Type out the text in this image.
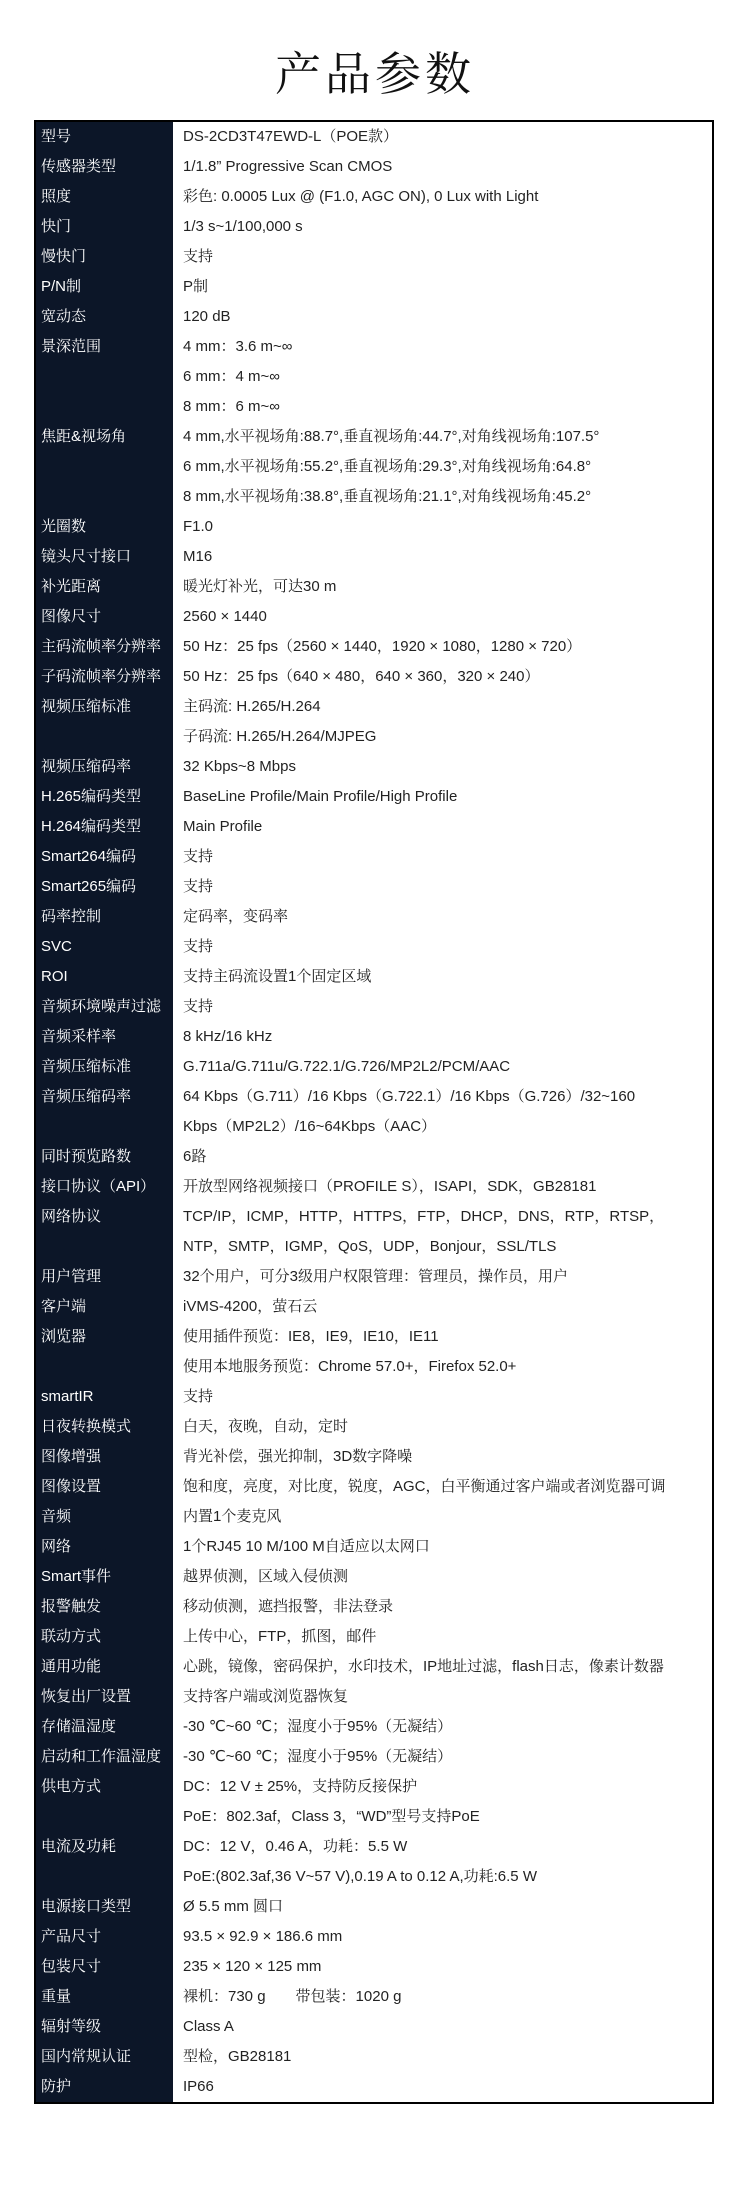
产品参数
型号	DS-2CD3T47EWD-L（POE款）
传感器类型	1/1.8” Progressive Scan CMOS
照度	彩色: 0.0005 Lux @ (F1.0, AGC ON), 0 Lux with Light
快门	1/3 s~1/100,000 s
慢快门	支持
P/N制	P制
宽动态	120 dB
景深范围	4 mm：3.6 m~∞
6 mm：4 m~∞
8 mm：6 m~∞
焦距&视场角	4 mm,水平视场角:88.7°,垂直视场角:44.7°,对角线视场角:107.5°
6 mm,水平视场角:55.2°,垂直视场角:29.3°,对角线视场角:64.8°
8 mm,水平视场角:38.8°,垂直视场角:21.1°,对角线视场角:45.2°
光圈数	F1.0
镜头尺寸接口	M16
补光距离	暖光灯补光，可达30 m
图像尺寸	2560 × 1440
主码流帧率分辨率	50 Hz：25 fps（2560 × 1440，1920 × 1080，1280 × 720）
子码流帧率分辨率	50 Hz：25 fps（640 × 480，640 × 360，320 × 240）
视频压缩标准	主码流: H.265/H.264
子码流: H.265/H.264/MJPEG
视频压缩码率	32 Kbps~8 Mbps
H.265编码类型	BaseLine Profile/Main Profile/High Profile
H.264编码类型	Main Profile
Smart264编码	支持
Smart265编码	支持
码率控制	定码率，变码率
SVC	支持
ROI	支持主码流设置1个固定区域
音频环境噪声过滤	支持
音频采样率	8 kHz/16 kHz
音频压缩标准	G.711a/G.711u/G.722.1/G.726/MP2L2/PCM/AAC
音频压缩码率	64 Kbps（G.711）/16 Kbps（G.722.1）/16 Kbps（G.726）/32~160
Kbps（MP2L2）/16~64Kbps（AAC）
同时预览路数	6路
接口协议（API）	开放型网络视频接口（PROFILE S），ISAPI，SDK，GB28181
网络协议	TCP/IP，ICMP，HTTP，HTTPS，FTP，DHCP，DNS，RTP，RTSP，
NTP，SMTP，IGMP，QoS，UDP，Bonjour，SSL/TLS
用户管理	32个用户，可分3级用户权限管理：管理员，操作员，用户
客户端	iVMS-4200，萤石云
浏览器	使用插件预览：IE8，IE9，IE10，IE11
使用本地服务预览：Chrome 57.0+，Firefox 52.0+
smartIR	支持
日夜转换模式	白天，夜晚，自动，定时
图像增强	背光补偿，强光抑制，3D数字降噪
图像设置	饱和度，亮度，对比度，锐度，AGC，白平衡通过客户端或者浏览器可调
音频	内置1个麦克风
网络	1个RJ45 10 M/100 M自适应以太网口
Smart事件	越界侦测，区域入侵侦测
报警触发	移动侦测，遮挡报警，非法登录
联动方式	上传中心，FTP，抓图，邮件
通用功能	心跳，镜像，密码保护，水印技术，IP地址过滤，flash日志，像素计数器
恢复出厂设置	支持客户端或浏览器恢复
存储温湿度	-30 ℃~60 ℃；湿度小于95%（无凝结）
启动和工作温湿度	-30 ℃~60 ℃；湿度小于95%（无凝结）
供电方式	DC：12 V ± 25%，支持防反接保护
PoE：802.3af，Class 3，“WD”型号支持PoE
电流及功耗	DC：12 V，0.46 A，功耗：5.5 W
PoE:(802.3af,36 V~57 V),0.19 A to 0.12 A,功耗:6.5 W
电源接口类型	Ø 5.5 mm 圆口
产品尺寸	93.5 × 92.9 × 186.6 mm
包装尺寸	235 × 120 × 125 mm
重量	裸机：730 g　　带包装：1020 g
辐射等级	Class A
国内常规认证	型检，GB28181
防护	IP66
